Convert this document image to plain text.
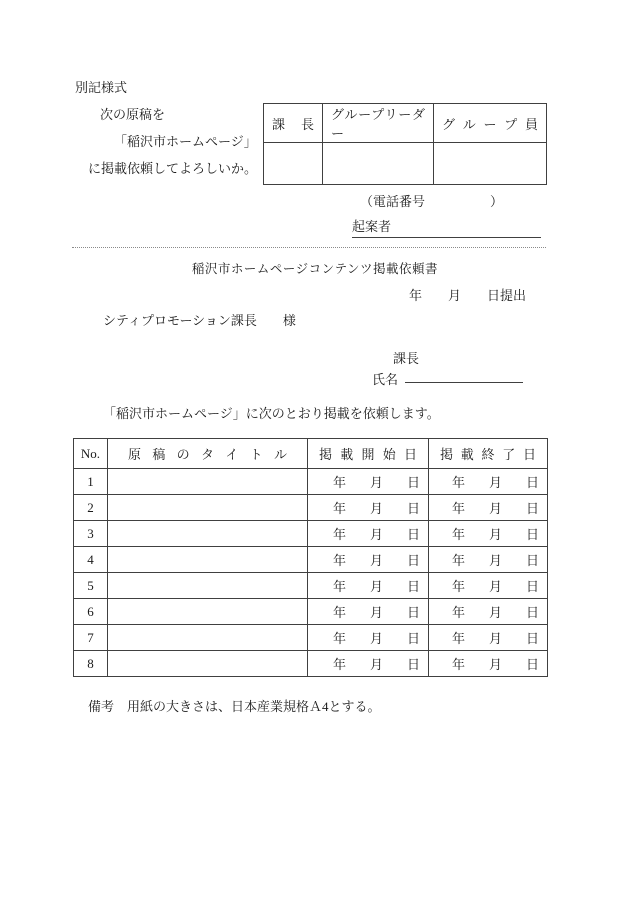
別記様式
次の原稿を
「稲沢市ホームページ」
に掲載依頼してよろしいか。
課 長	グループリーダー	グ ル ー プ 員

（電話番号　　　　　）
起案者
稲沢市ホームページコンテンツ掲載依頼書
年　　月　　日提出
シティプロモーション課長　　様
課長
氏名
「稲沢市ホームページ」に次のとおり掲載を依頼します。
No.	原 稿 の タ イ ト ル	掲 載 開 始 日	掲 載 終 了 日
1		年 月 日	年 月 日

2		年 月 日	年 月 日

3		年 月 日	年 月 日

4		年 月 日	年 月 日

5		年 月 日	年 月 日

6		年 月 日	年 月 日

7		年 月 日	年 月 日

8		年 月 日	年 月 日
備考　用紙の大きさは、日本産業規格Ａ4とする。
